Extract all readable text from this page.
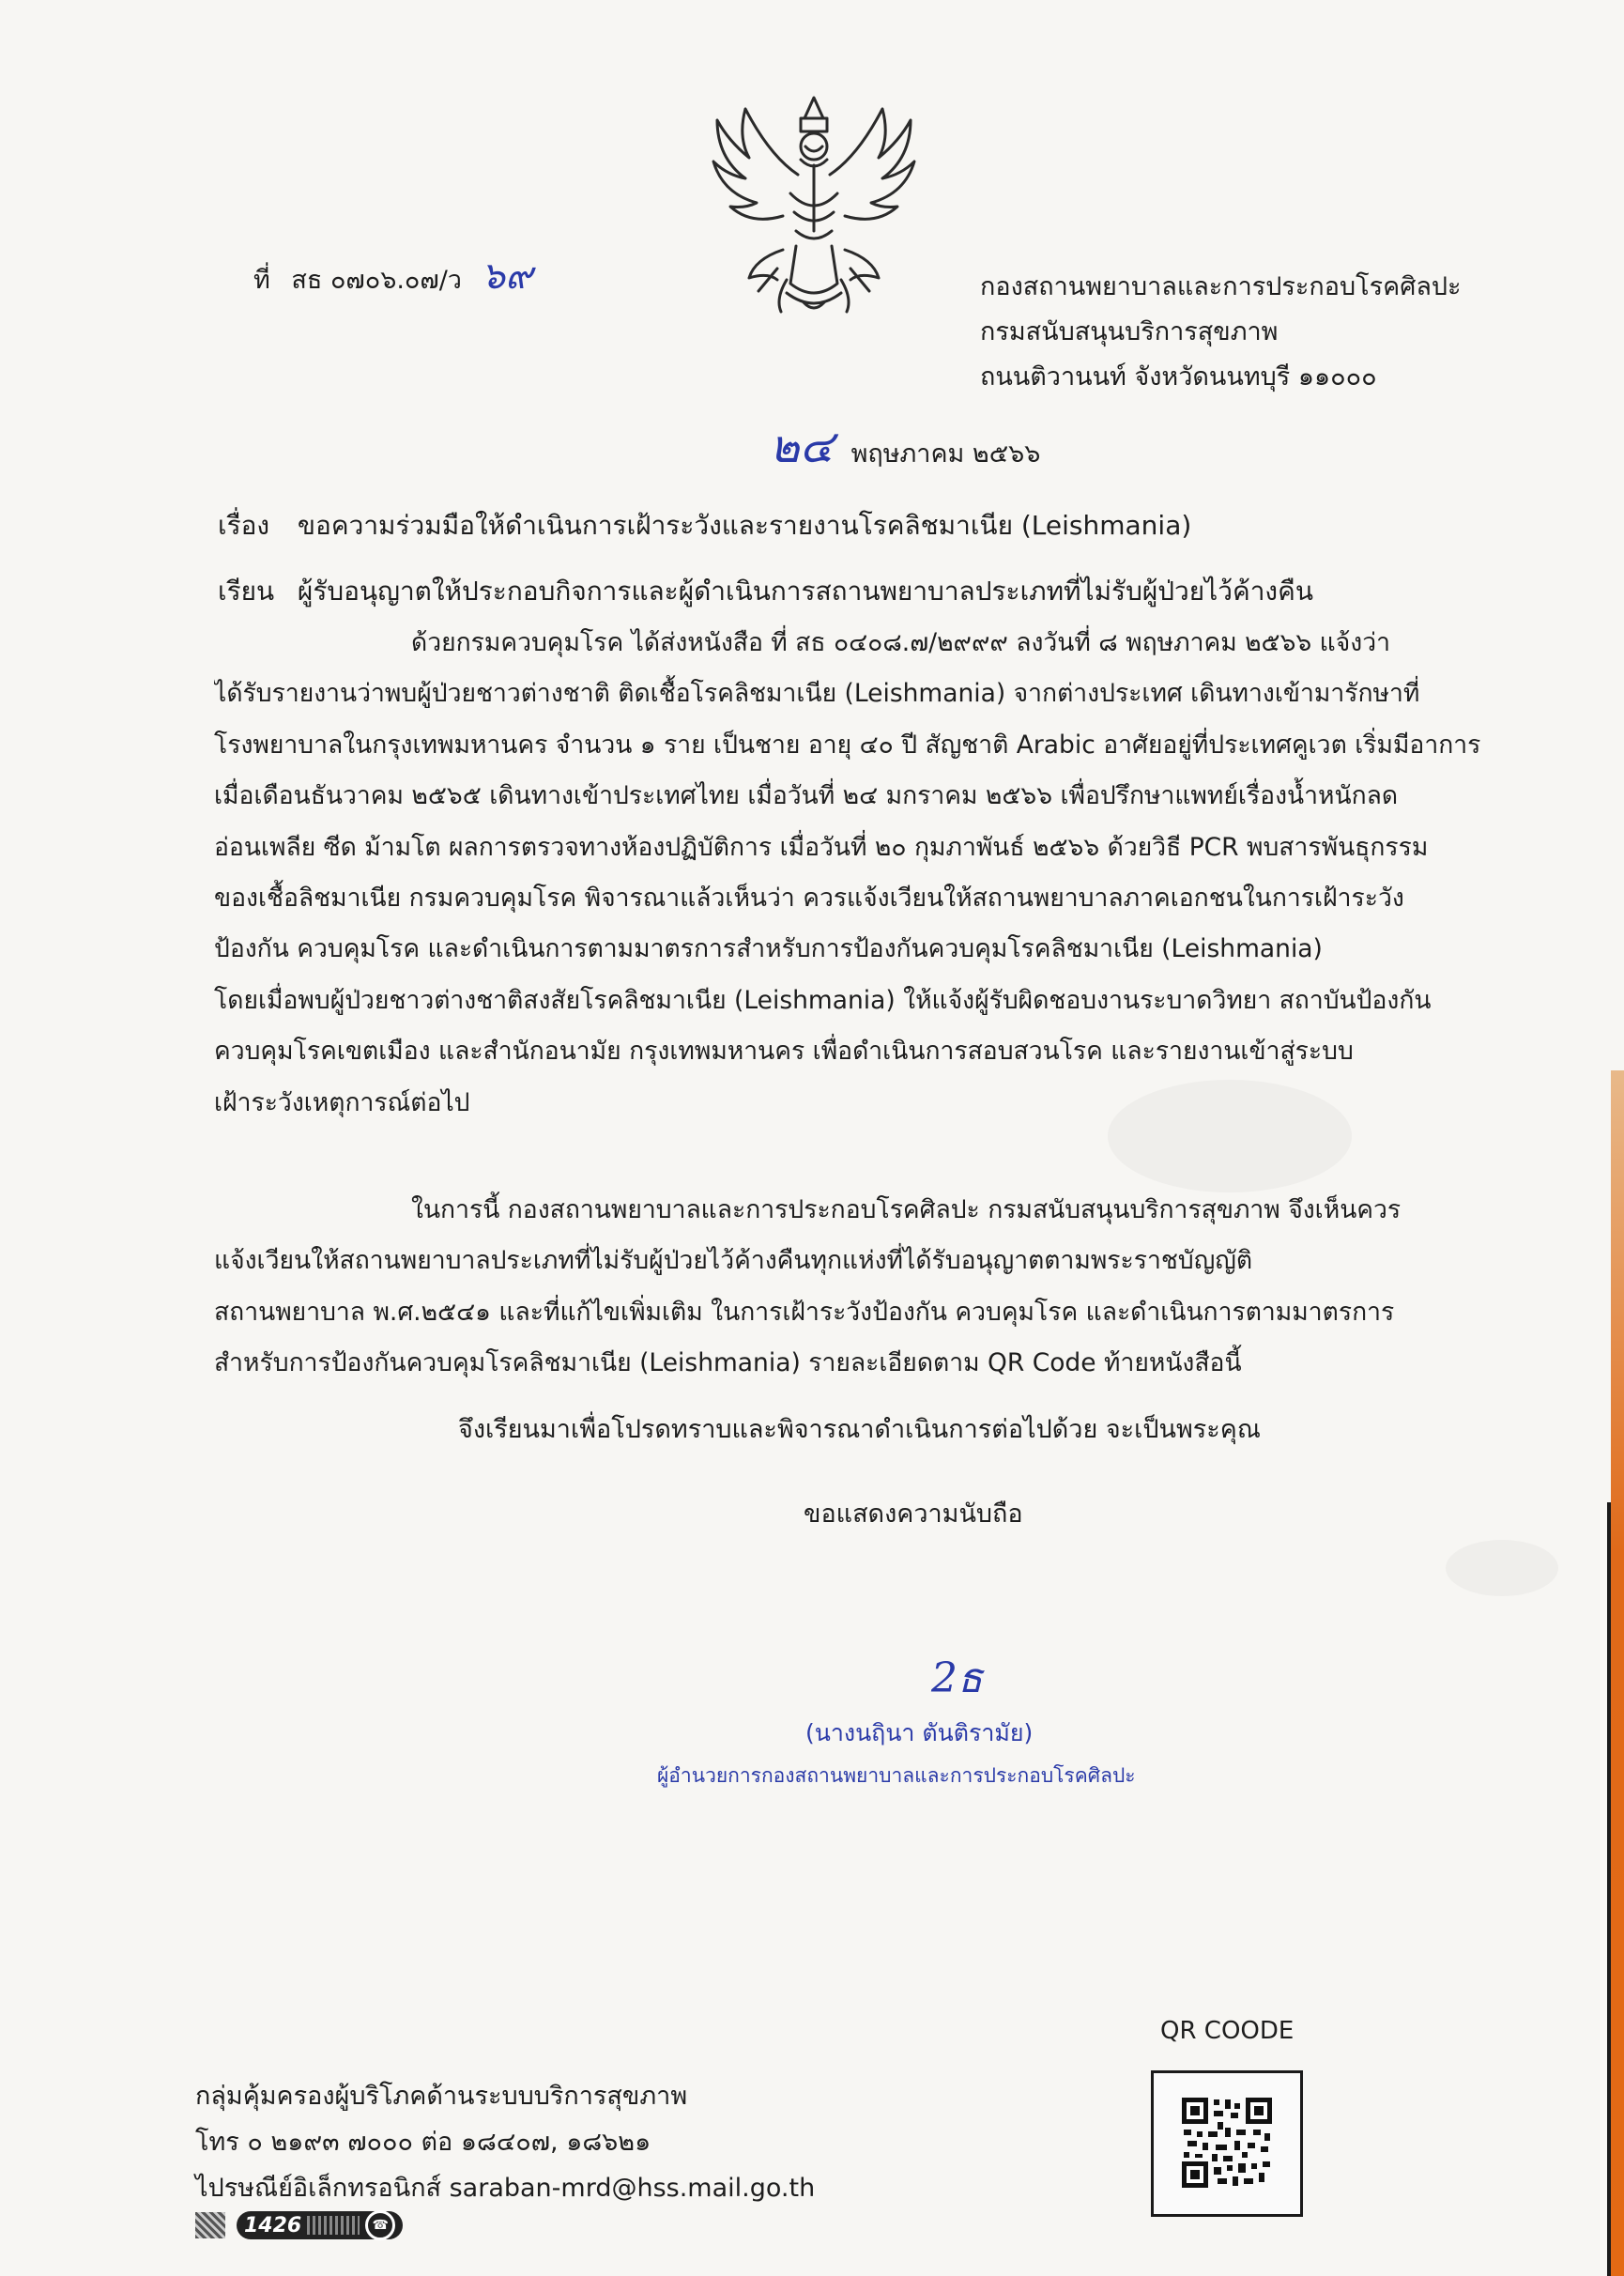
ที่ สธ ๐๗๐๖.๐๗/ว ๖๙	กองสถานพยาบาลและการประกอบโรคศิลปะ
กรมสนับสนุนบริการสุขภาพ
ถนนติวานนท์ จังหวัดนนทบุรี ๑๑๐๐๐
๒๔ พฤษภาคม ๒๕๖๖
เรื่อง ขอความร่วมมือให้ดำเนินการเฝ้าระวังและรายงานโรคลิชมาเนีย (Leishmania)
เรียน ผู้รับอนุญาตให้ประกอบกิจการและผู้ดำเนินการสถานพยาบาลประเภทที่ไม่รับผู้ป่วยไว้ค้างคืน
ด้วยกรมควบคุมโรค ได้ส่งหนังสือ ที่ สธ ๐๔๐๘.๗/๒๙๙๙ ลงวันที่ ๘ พฤษภาคม ๒๕๖๖ แจ้งว่า
ได้รับรายงานว่าพบผู้ป่วยชาวต่างชาติ ติดเชื้อโรคลิชมาเนีย (Leishmania) จากต่างประเทศ เดินทางเข้ามารักษาที่
โรงพยาบาลในกรุงเทพมหานคร จำนวน ๑ ราย เป็นชาย อายุ ๔๐ ปี สัญชาติ Arabic อาศัยอยู่ที่ประเทศคูเวต เริ่มมีอาการ
เมื่อเดือนธันวาคม ๒๕๖๕ เดินทางเข้าประเทศไทย เมื่อวันที่ ๒๔ มกราคม ๒๕๖๖ เพื่อปรึกษาแพทย์เรื่องน้ำหนักลด
อ่อนเพลีย ซีด ม้ามโต ผลการตรวจทางห้องปฏิบัติการ เมื่อวันที่ ๒๐ กุมภาพันธ์ ๒๕๖๖ ด้วยวิธี PCR พบสารพันธุกรรม
ของเชื้อลิชมาเนีย กรมควบคุมโรค พิจารณาแล้วเห็นว่า ควรแจ้งเวียนให้สถานพยาบาลภาคเอกชนในการเฝ้าระวัง
ป้องกัน ควบคุมโรค และดำเนินการตามมาตรการสำหรับการป้องกันควบคุมโรคลิชมาเนีย (Leishmania)
โดยเมื่อพบผู้ป่วยชาวต่างชาติสงสัยโรคลิชมาเนีย (Leishmania) ให้แจ้งผู้รับผิดชอบงานระบาดวิทยา สถาบันป้องกัน
ควบคุมโรคเขตเมือง และสำนักอนามัย กรุงเทพมหานคร เพื่อดำเนินการสอบสวนโรค และรายงานเข้าสู่ระบบ
เฝ้าระวังเหตุการณ์ต่อไป
ในการนี้ กองสถานพยาบาลและการประกอบโรคศิลปะ กรมสนับสนุนบริการสุขภาพ จึงเห็นควร
แจ้งเวียนให้สถานพยาบาลประเภทที่ไม่รับผู้ป่วยไว้ค้างคืนทุกแห่งที่ได้รับอนุญาตตามพระราชบัญญัติ
สถานพยาบาล พ.ศ.๒๕๔๑ และที่แก้ไขเพิ่มเติม ในการเฝ้าระวังป้องกัน ควบคุมโรค และดำเนินการตามมาตรการ
สำหรับการป้องกันควบคุมโรคลิชมาเนีย (Leishmania) รายละเอียดตาม QR Code ท้ายหนังสือนี้
จึงเรียนมาเพื่อโปรดทราบและพิจารณาดำเนินการต่อไปด้วย จะเป็นพระคุณ
ขอแสดงความนับถือ
2ธ
(นางนฤินา ตันติรามัย)
ผู้อำนวยการกองสถานพยาบาลและการประกอบโรคศิลปะ
QR COODE
กลุ่มคุ้มครองผู้บริโภคด้านระบบบริการสุขภาพ
โทร ๐ ๒๑๙๓ ๗๐๐๐ ต่อ ๑๘๔๐๗, ๑๘๖๒๑
ไปรษณีย์อิเล็กทรอนิกส์ saraban-mrd@hss.mail.go.th
1426	☎
